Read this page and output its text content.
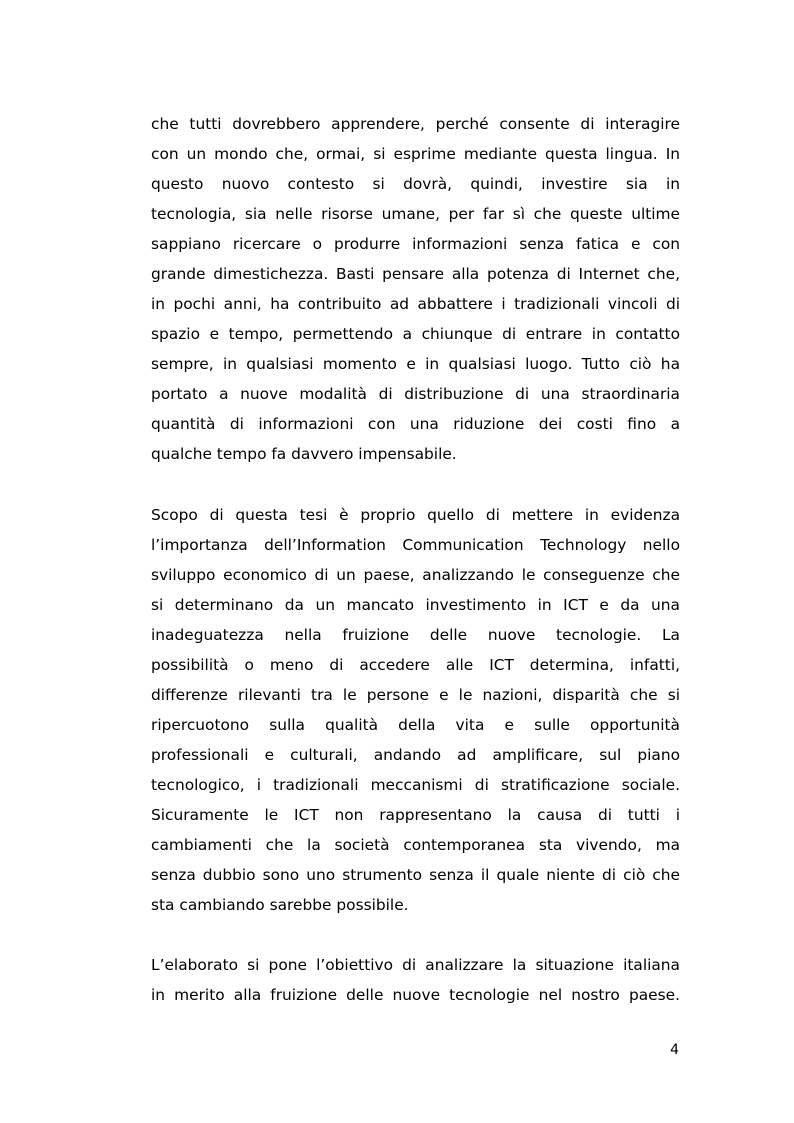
che tutti dovrebbero apprendere, perché consente di interagire
con un mondo che, ormai, si esprime mediante questa lingua. In
questo nuovo contesto si dovrà, quindi, investire sia in
tecnologia, sia nelle risorse umane, per far sì che queste ultime
sappiano ricercare o produrre informazioni senza fatica e con
grande dimestichezza. Basti pensare alla potenza di Internet che,
in pochi anni, ha contribuito ad abbattere i tradizionali vincoli di
spazio e tempo, permettendo a chiunque di entrare in contatto
sempre, in qualsiasi momento e in qualsiasi luogo. Tutto ciò ha
portato a nuove modalità di distribuzione di una straordinaria
quantità di informazioni con una riduzione dei costi fino a
qualche tempo fa davvero impensabile.
Scopo di questa tesi è proprio quello di mettere in evidenza
l’importanza dell’Information Communication Technology nello
sviluppo economico di un paese, analizzando le conseguenze che
si determinano da un mancato investimento in ICT e da una
inadeguatezza nella fruizione delle nuove tecnologie. La
possibilità o meno di accedere alle ICT determina, infatti,
differenze rilevanti tra le persone e le nazioni, disparità che si
ripercuotono sulla qualità della vita e sulle opportunità
professionali e culturali, andando ad amplificare, sul piano
tecnologico, i tradizionali meccanismi di stratificazione sociale.
Sicuramente le ICT non rappresentano la causa di tutti i
cambiamenti che la società contemporanea sta vivendo, ma
senza dubbio sono uno strumento senza il quale niente di ciò che
sta cambiando sarebbe possibile.
L’elaborato si pone l’obiettivo di analizzare la situazione italiana
in merito alla fruizione delle nuove tecnologie nel nostro paese.
4
